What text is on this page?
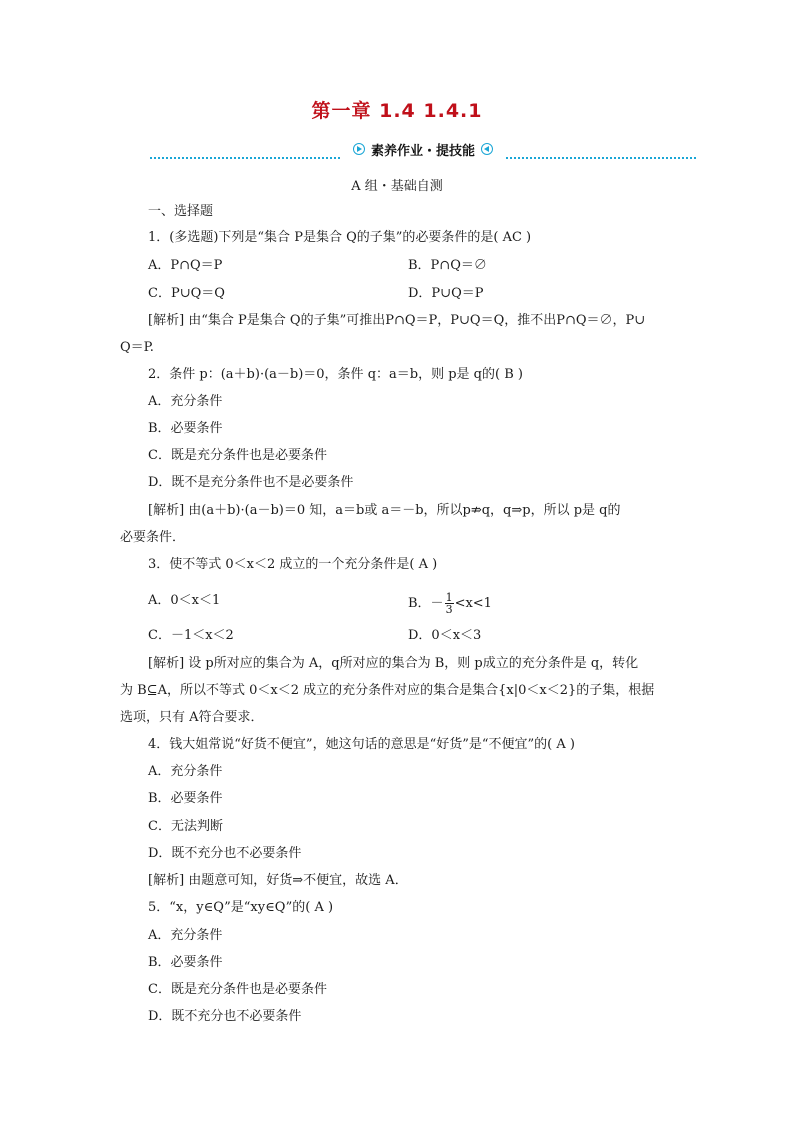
第一章 1.4 1.4.1
素养作业・提技能
A 组・基础自测
一、选择题
1．(多选题)下列是“集合 P是集合 Q的子集”的必要条件的是( AC )
A．P∩Q＝P	B．P∩Q＝∅
C．P∪Q＝Q	D．P∪Q＝P
[解析] 由“集合 P是集合 Q的子集”可推出P∩Q＝P，P∪Q＝Q，推不出P∩Q＝∅，P∪
Q＝P.
2．条件 p：(a＋b)·(a－b)＝0，条件 q：a＝b，则 p是 q的( B )
A．充分条件
B．必要条件
C．既是充分条件也是必要条件
D．既不是充分条件也不是必要条件
[解析] 由(a＋b)·(a－b)＝0 知，a＝b或 a＝－b，所以p⇏q，q⇒p，所以 p是 q的
必要条件．
3．使不等式 0＜x＜2 成立的一个充分条件是( A )
A．0＜x＜1	B．－ $\frac{1}{3} <x<1$
C．－1＜x＜2	D．0＜x＜3
[解析] 设 p所对应的集合为 A，q所对应的集合为 B，则 p成立的充分条件是 q，转化
为 B⊆A，所以不等式 0＜x＜2 成立的充分条件对应的集合是集合{x|0＜x＜2}的子集，根据
选项，只有 A符合要求．
4．钱大姐常说“好货不便宜”，她这句话的意思是“好货”是“不便宜”的( A )
A．充分条件
B．必要条件
C．无法判断
D．既不充分也不必要条件
[解析] 由题意可知，好货⇒不便宜，故选 A．
5．“x，y∈Q”是“xy∈Q”的( A )
A．充分条件
B．必要条件
C．既是充分条件也是必要条件
D．既不充分也不必要条件
